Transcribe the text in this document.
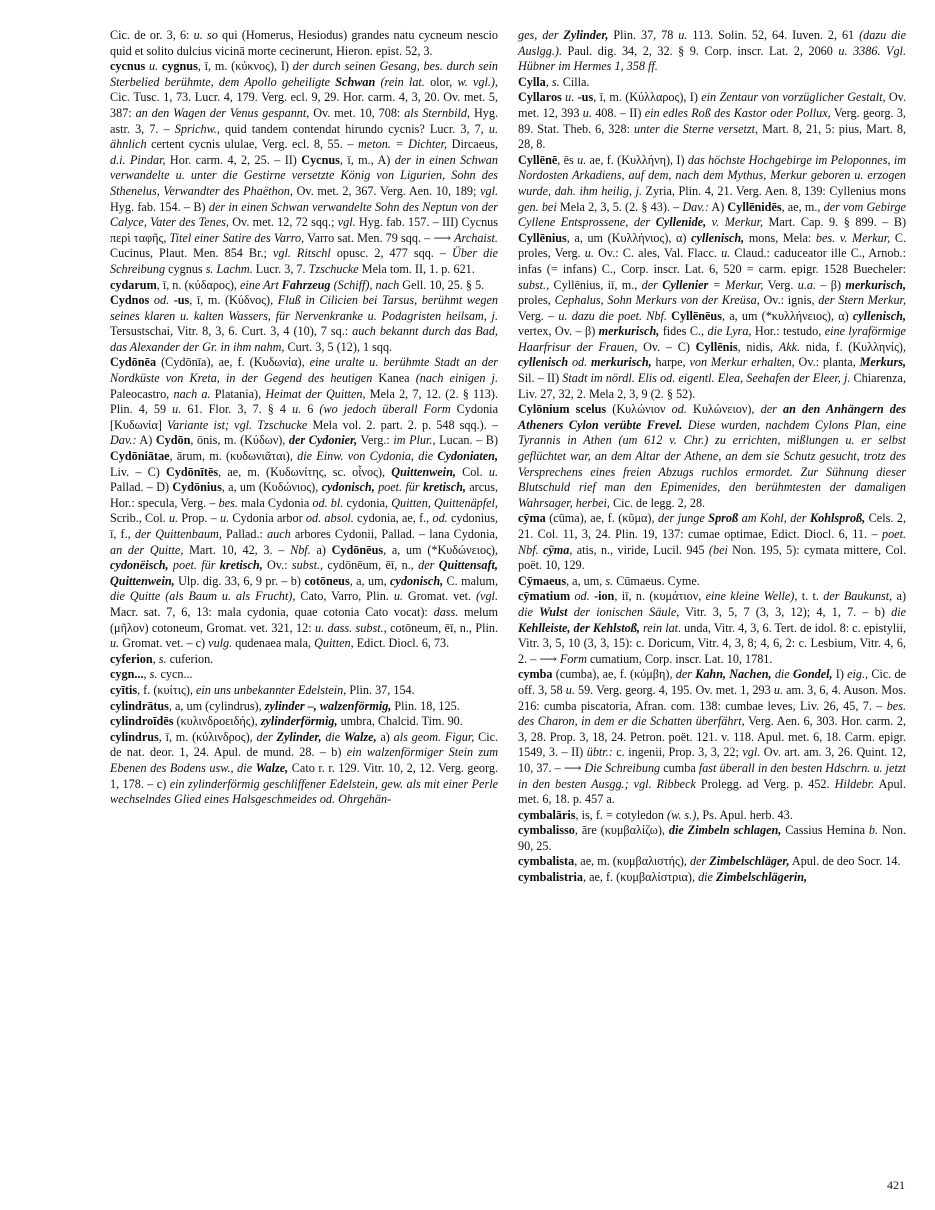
Cic. de or. 3, 6: u. so qui (Homerus, Hesiodus) grandes natu cycneum nescio quid et solito dulcius vicinā morte cecinerunt, Hieron. epist. 52, 3.

cycnus u. cygnus, ī, m. (κύκνος), I) der durch seinen Gesang, bes. durch sein Sterbelied berühmte, dem Apollo geheiligte Schwan (rein lat. olor, w. vgl.), Cic. Tusc. 1, 73. Lucr. 4, 179. Verg. ecl. 9, 29. Hor. carm. 4, 3, 20. Ov. met. 5, 387: an den Wagen der Venus gespannt, Ov. met. 10, 708: als Sternbild, Hyg. astr. 3, 7. – Sprichw., quid tandem contendat hirundo cycnis? Lucr. 3, 7, u. ähnlich certent cycnis ululae, Verg. ecl. 8, 55. – meton. = Dichter, Dircaeus, d.i. Pindar, Hor. carm. 4, 2, 25. – II) Cycnus, ī, m., A) der in einen Schwan verwandelte u. unter die Gestirne versetzte König von Ligurien, Sohn des Sthenelus, Verwandter des Phaëthon, Ov. met. 2, 367. Verg. Aen. 10, 189; vgl. Hyg. fab. 154. – B) der in einen Schwan verwandelte Sohn des Neptun von der Calyce, Vater des Tenes, Ov. met. 12, 72 sqq.; vgl. Hyg. fab. 157. – III) Cycnus περὶ ταφῆς, Titel einer Satire des Varro, Varro sat. Men. 79 sqq. – ⟶ Archaist. Cucinus, Plaut. Men. 854 Br.; vgl. Ritschl opusc. 2, 477 sqq. – Über die Schreibung cygnus s. Lachm. Lucr. 3, 7. Tzschucke Mela tom. II, 1. p. 621.

cydarum, ī, n. (κύδαρος), eine Art Fahrzeug (Schiff), nach Gell. 10, 25. § 5.

Cydnos od. -us, ī, m. (Κύδνος), Fluß in Cilicien bei Tarsus, berühmt wegen seines klaren u. kalten Wassers, für Nervenkranke u. Podagristen heilsam, j. Tersustschai, Vitr. 8, 3, 6. Curt. 3, 4 (10), 7 sq.: auch bekannt durch das Bad, das Alexander der Gr. in ihm nahm, Curt. 3, 5 (12), 1 sqq.

Cydōnēa (Cydōnīa), ae, f. (Κυδωνία), eine uralte u. berühmte Stadt an der Nordküste von Kreta, in der Gegend des heutigen Kanea (nach einigen j. Paleocastro, nach a. Platania), Heimat der Quitten, Mela 2, 7, 12. (2. § 113). Plin. 4, 59 u. 61. Flor. 3, 7. § 4 u. 6 (wo jedoch überall Form Cydonia [Κυδωνία] Variante ist; vgl. Tzschucke Mela vol. 2. part. 2. p. 548 sqq.). – Dav.: A) Cydōn, ōnis, m. (Κύδων), der Cydonier, Verg.: im Plur., Lucan. – B) Cydōniātae, ārum, m. (κυδωνιᾶται), die Einw. von Cydonia, die Cydoniaten, Liv. – C) Cydōnītēs, ae, m. (Κυδωνίτης, sc. οἶνος), Quittenwein, Col. u. Pallad. – D) Cydōnius, a, um (Κυδώνιος), cydonisch, poet. für kretisch, arcus, Hor.: specula, Verg. – bes. mala Cydonia od. bl. cydonia, Quitten, Quittenäpfel, Scrib., Col. u. Prop. – u. Cydonia arbor od. absol. cydonia, ae, f., od. cydonius, ī, f., der Quittenbaum, Pallad.: auch arbores Cydonii, Pallad. – lana Cydonia, an der Quitte, Mart. 10, 42, 3. – Nbf. a) Cydōnēus, a, um (*Κυδώνειος), cydonëisch, poet. für kretisch, Ov.: subst., cydōnēum, ēī, n., der Quittensaft, Quittenwein, Ulp. dig. 33, 6, 9 pr. – b) cotōneus, a, um, cydonisch, C. malum, die Quitte (als Baum u. als Frucht), Cato, Varro, Plin. u. Gromat. vet. (vgl. Macr. sat. 7, 6, 13: mala cydonia, quae cotonia Cato vocat): dass. melum (μῆλον) cotoneum, Gromat. vet. 321, 12: u. dass. subst., cotōneum, ēī, n., Plin. u. Gromat. vet. – c) vulg. qudenaea mala, Quitten, Edict. Diocl. 6, 73.

cyferion, s. cuferion.

cygn..., s. cycn...

cyītis, f. (κυίτις), ein uns unbekannter Edelstein, Plin. 37, 154.

cylindrātus, a, um (cylindrus), zylinder –, walzenförmig, Plin. 18, 125.

cylindroīdēs (κυλινδροειδής), zylinderförmig, umbra, Chalcid. Tim. 90.

cylindrus, ī, m. (κύλινδρος), der Zylinder, die Walze, a) als geom. Figur, Cic. de nat. deor. 1, 24. Apul. de mund. 28. – b) ein walzenförmiger Stein zum Ebenen des Bodens usw., die Walze, Cato r. r. 129. Vitr. 10, 2, 12. Verg. georg. 1, 178. – c) ein zylinderförmig geschliffener Edelstein, gew. als mit einer Perle wechselndes Glied eines Halsgeschmeides od. Ohrgehän-

ges, der Zylinder, Plin. 37, 78 u. 113. Solin. 52, 64. Iuven. 2, 61 (dazu die Auslgg.). Paul. dig. 34, 2, 32. § 9. Corp. inscr. Lat. 2, 2060 u. 3386. Vgl. Hübner im Hermes 1, 358 ff.

Cylla, s. Cilla.

Cyllaros u. -us, ī, m. (Κύλλαρος), I) ein Zentaur von vorzüglicher Gestalt, Ov. met. 12, 393 u. 408. – II) ein edles Roß des Kastor oder Pollux, Verg. georg. 3, 89. Stat. Theb. 6, 328: unter die Sterne versetzt, Mart. 8, 21, 5: pius, Mart. 8, 28, 8.

Cyllēnē, ēs u. ae, f. (Κυλλήνη), I) das höchste Hochgebirge im Peloponnes, im Nordosten Arkadiens, auf dem, nach dem Mythus, Merkur geboren u. erzogen wurde, dah. ihm heilig, j. Zyria, Plin. 4, 21. Verg. Aen. 8, 139: Cyllenius mons gen. bei Mela 2, 3, 5. (2. § 43). – Dav.: A) Cyllēnidēs, ae, m., der vom Gebirge Cyllene Entsprossene, der Cyllenide, v. Merkur, Mart. Cap. 9. § 899. – B) Cyllēnius, a, um (Κυλλήνιος), α) cyllenisch, mons, Mela: bes. v. Merkur, C. proles, Verg. u. Ov.: C. ales, Val. Flacc. u. Claud.: caduceator ille C., Arnob.: infas (= infans) C., Corp. inscr. Lat. 6, 520 = carm. epigr. 1528 Buecheler: subst., Cyllēnius, iī, m., der Cyllenier = Merkur, Verg. u.a. – β) merkurisch, proles, Cephalus, Sohn Merkurs von der Kreüsa, Ov.: ignis, der Stern Merkur, Verg. – u. dazu die poet. Nbf. Cyllēnēus, a, um (*κυλλήνειος), α) cyllenisch, vertex, Ov. – β) merkurisch, fides C., die Lyra, Hor.: testudo, eine lyraförmige Haarfrisur der Frauen, Ov. – C) Cyllēnis, nidis, Akk. nida, f. (Κυλληνίς), cyllenisch od. merkurisch, harpe, von Merkur erhalten, Ov.: planta, Merkurs, Sil. – II) Stadt im nördl. Elis od. eigentl. Elea, Seehafen der Eleer, j. Chiarenza, Liv. 27, 32, 2. Mela 2, 3, 9 (2. § 52).

Cylōnium scelus (Κυλώνιον od. Κυλώνειον), der an den Anhängern des Atheners Cylon verübte Frevel. Diese wurden, nachdem Cylons Plan, eine Tyrannis in Athen (um 612 v. Chr.) zu errichten, mißlungen u. er selbst geflüchtet war, an dem Altar der Athene, an dem sie Schutz gesucht, trotz des Versprechens eines freien Abzugs ruchlos ermordet. Zur Sühnung dieser Blutschuld rief man den Epimenides, den berühmtesten der damaligen Wahrsager, herbei, Cic. de legg. 2, 28.

cȳma (cūma), ae, f. (κῦμα), der junge Sproß am Kohl, der Kohlsproß, Cels. 2, 21. Col. 11, 3, 24. Plin. 19, 137: cumae optimae, Edict. Diocl. 6, 11. – poet. Nbf. cȳma, atis, n., viride, Lucil. 945 (bei Non. 195, 5): cymata mittere, Col. poët. 10, 129.

Cȳmaeus, a, um, s. Cūmaeus. Cyme.

cȳmatium od. -ion, iī, n. (κυμάτιον, eine kleine Welle), t. t. der Baukunst, a) die Wulst der ionischen Säule, Vitr. 3, 5, 7 (3, 3, 12); 4, 1, 7. – b) die Kehlleiste, der Kehlstoß, rein lat. unda, Vitr. 4, 3, 6. Tert. de idol. 8: c. epistylii, Vitr. 3, 5, 10 (3, 3, 15): c. Doricum, Vitr. 4, 3, 8; 4, 6, 2: c. Lesbium, Vitr. 4, 6, 2. – ⟶ Form cumatium, Corp. inscr. Lat. 10, 1781.

cymba (cumba), ae, f. (κύμβη), der Kahn, Nachen, die Gondel, I) eig., Cic. de off. 3, 58 u. 59. Verg. georg. 4, 195. Ov. met. 1, 293 u. am. 3, 6, 4. Auson. Mos. 216: cumba piscatoria, Afran. com. 138: cumbae leves, Liv. 26, 45, 7. – bes. des Charon, in dem er die Schatten überfährt, Verg. Aen. 6, 303. Hor. carm. 2, 3, 28. Prop. 3, 18, 24. Petron. poët. 121. v. 118. Apul. met. 6, 18. Carm. epigr. 1549, 3. – II) übtr.: c. ingenii, Prop. 3, 3, 22; vgl. Ov. art. am. 3, 26. Quint. 12, 10, 37. – ⟶ Die Schreibung cumba fast überall in den besten Hdschrn. u. jetzt in den besten Ausgg.; vgl. Ribbeck Prolegg. ad Verg. p. 452. Hildebr. Apul. met. 6, 18. p. 457 a.

cymbalāris, is, f. = cotyledon (w. s.), Ps. Apul. herb. 43.

cymbalisso, āre (κυμβαλίζω), die Zimbeln schlagen, Cassius Hemina b. Non. 90, 25.

cymbalista, ae, m. (κυμβαλιστής), der Zimbelschläger, Apul. de deo Socr. 14.

cymbalistria, ae, f. (κυμβαλίστρια), die Zimbelschlägerin,

421
